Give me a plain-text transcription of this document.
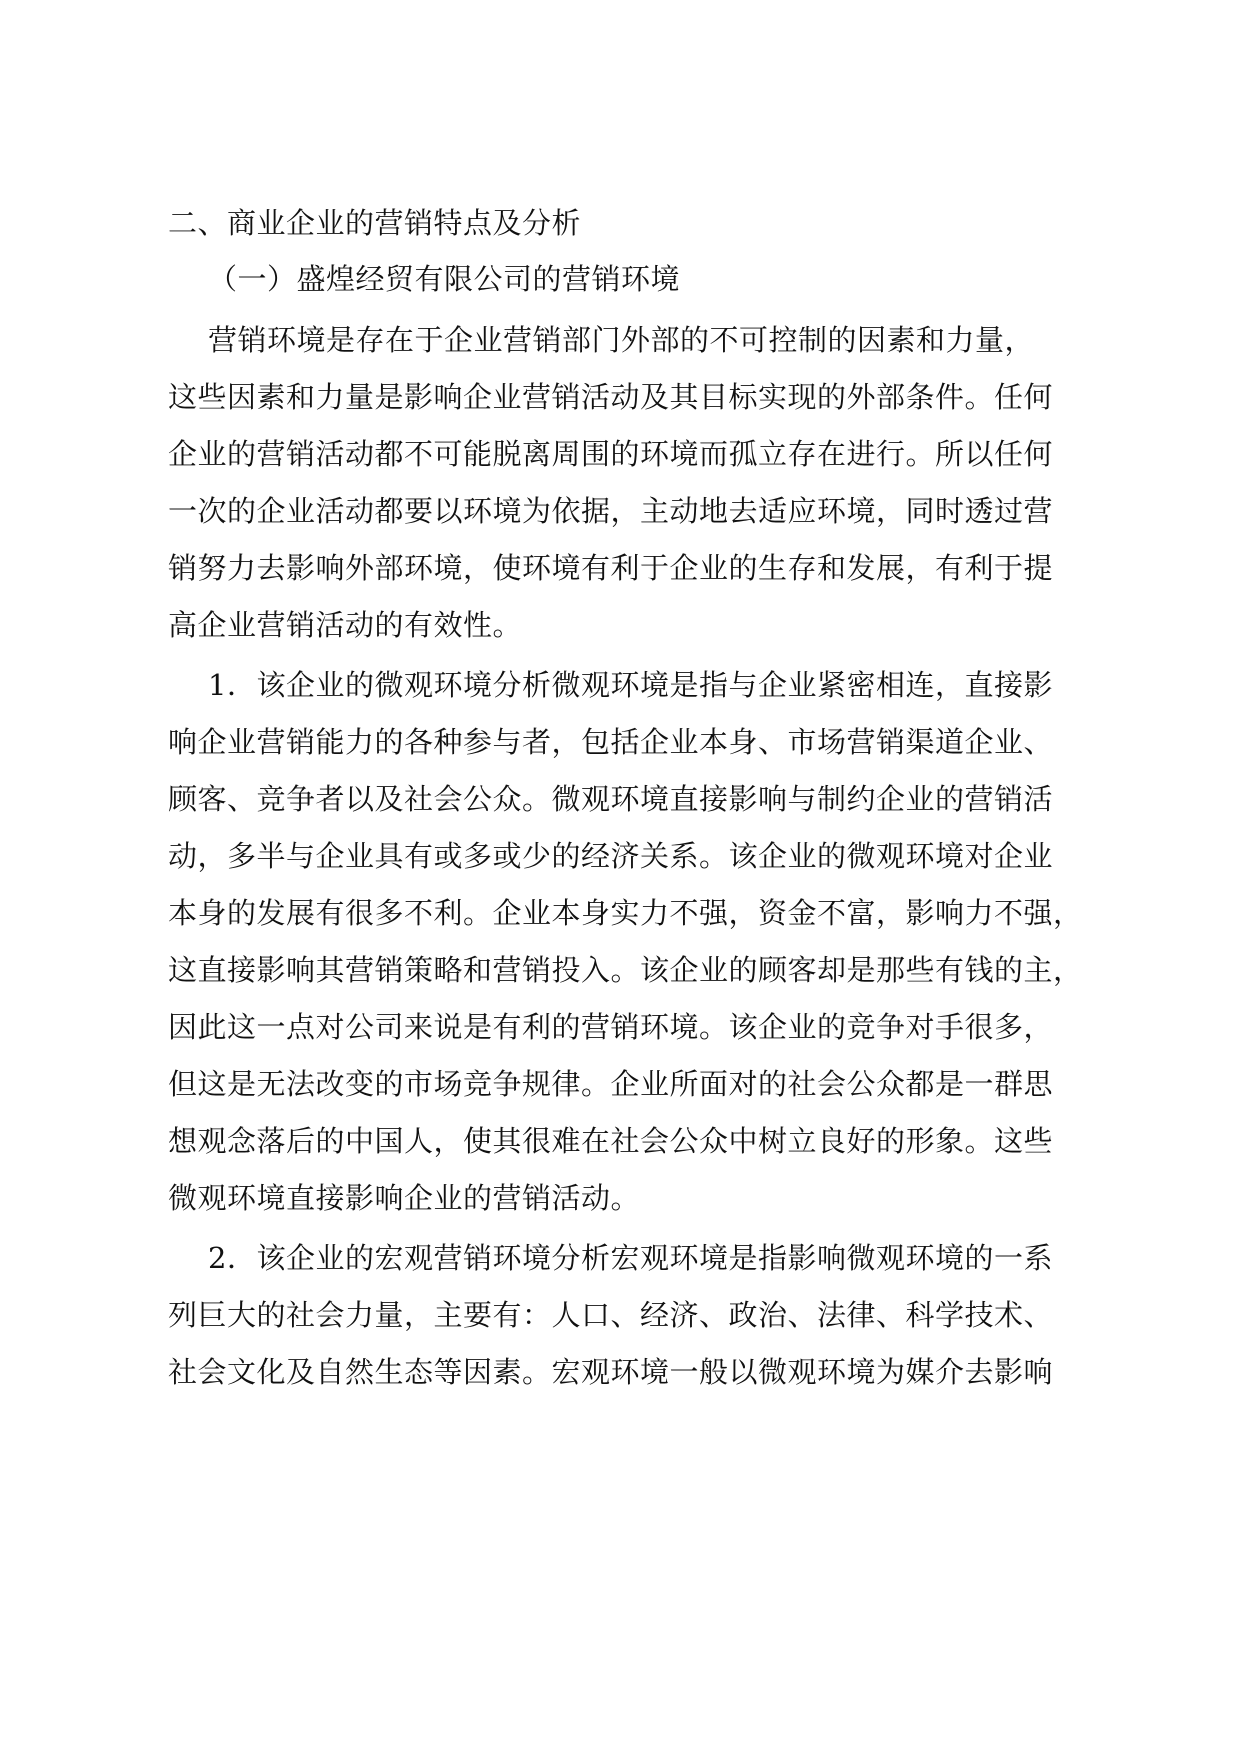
二、商业企业的营销特点及分析
（一）盛煌经贸有限公司的营销环境
营销环境是存在于企业营销部门外部的不可控制的因素和力量，
这些因素和力量是影响企业营销活动及其目标实现的外部条件。任何
企业的营销活动都不可能脱离周围的环境而孤立存在进行。所以任何
一次的企业活动都要以环境为依据，主动地去适应环境，同时透过营
销努力去影响外部环境，使环境有利于企业的生存和发展，有利于提
高企业营销活动的有效性。
1．该企业的微观环境分析微观环境是指与企业紧密相连，直接影
响企业营销能力的各种参与者，包括企业本身、市场营销渠道企业、
顾客、竞争者以及社会公众。微观环境直接影响与制约企业的营销活
动，多半与企业具有或多或少的经济关系。该企业的微观环境对企业
本身的发展有很多不利。企业本身实力不强，资金不富，影响力不强，
这直接影响其营销策略和营销投入。该企业的顾客却是那些有钱的主，
因此这一点对公司来说是有利的营销环境。该企业的竞争对手很多，
但这是无法改变的市场竞争规律。企业所面对的社会公众都是一群思
想观念落后的中国人，使其很难在社会公众中树立良好的形象。这些
微观环境直接影响企业的营销活动。
2．该企业的宏观营销环境分析宏观环境是指影响微观环境的一系
列巨大的社会力量，主要有：人口、经济、政治、法律、科学技术、
社会文化及自然生态等因素。宏观环境一般以微观环境为媒介去影响
